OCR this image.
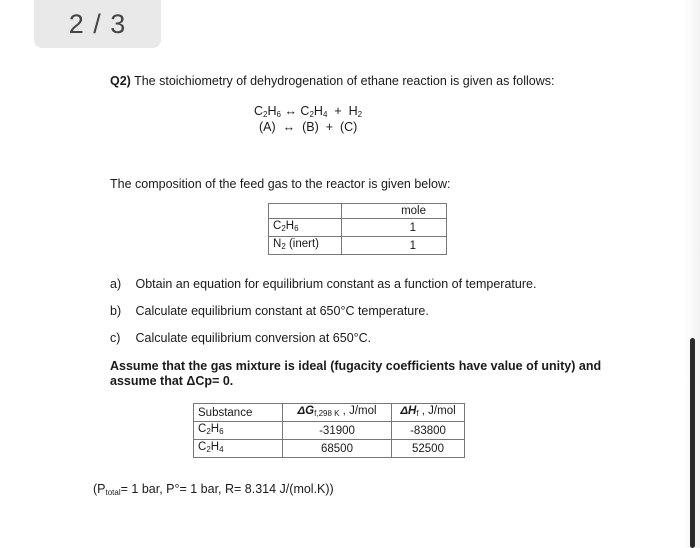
2 / 3
Q2) The stoichiometry of dehydrogenation of ethane reaction is given as follows:
$C_2H_6$ ↔ $C_2H_4 + H_2$
(A) ↔ (B)  +  (C)
The composition of the feed gas to the reactor is given below:
	mole
$C_2H_6$	1
$N_2$ (inert)	1
a) Obtain an equation for equilibrium constant as a function of temperature.
b) Calculate equilibrium constant at 650°C temperature.
c) Calculate equilibrium conversion at 650°C.
Assume that the gas mixture is ideal (fugacity coefficients have value of unity) and assume that ΔCp= 0.
Substance	$\Delta G_{f,298 K}$ , J/mol	$\Delta H_f$ , J/mol
$C_2H_6$	-31900	-83800
$C_2H_4$	68500	52500
($P_{total}= 1$ bar, P°= 1 bar, R= 8.314 J/(mol.K))
